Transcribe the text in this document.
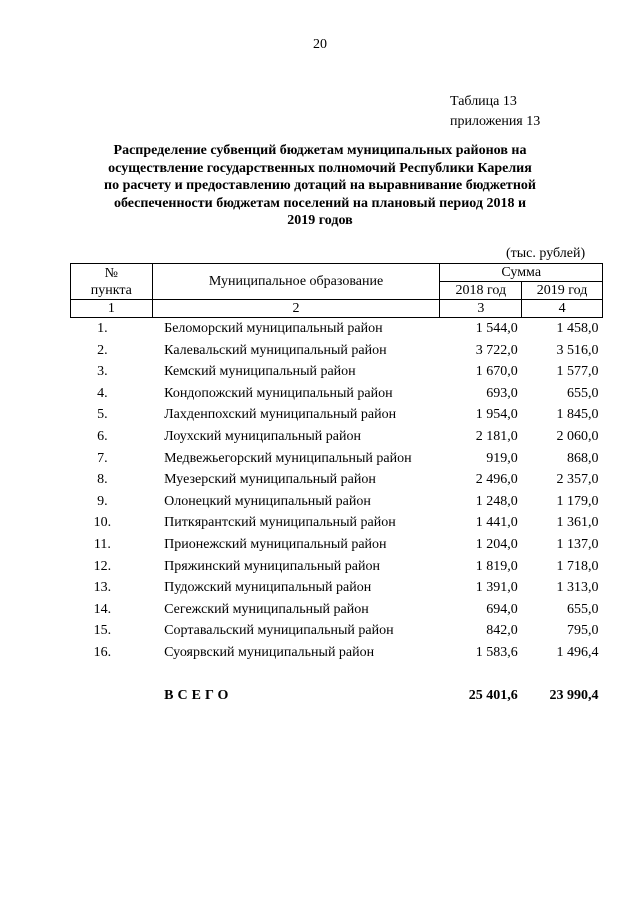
20
Таблица 13
приложения 13
Распределение субвенций бюджетам муниципальных районов на осуществление государственных полномочий Республики Карелия по расчету и предоставлению дотаций на выравнивание бюджетной обеспеченности бюджетам поселений на плановый период 2018 и 2019 годов
(тыс. рублей)
№
пункта	Муниципальное образование	Сумма	
		2018 год	2019 год
1	2	3	4
1.	Беломорский муниципальный район	1 544,0	1 458,0
2.	Калевальский муниципальный район	3 722,0	3 516,0
3.	Кемский муниципальный район	1 670,0	1 577,0
4.	Кондопожский муниципальный район	693,0	655,0
5.	Лахденпохский муниципальный район	1 954,0	1 845,0
6.	Лоухский муниципальный район	2 181,0	2 060,0
7.	Медвежьегорский муниципальный район	919,0	868,0
8.	Муезерский муниципальный район	2 496,0	2 357,0
9.	Олонецкий муниципальный район	1 248,0	1 179,0
10.	Питкярантский муниципальный район	1 441,0	1 361,0
11.	Прионежский муниципальный район	1 204,0	1 137,0
12.	Пряжинский муниципальный район	1 819,0	1 718,0
13.	Пудожский муниципальный район	1 391,0	1 313,0
14.	Сегежский муниципальный район	694,0	655,0
15.	Сортавальский муниципальный район	842,0	795,0
16.	Суоярвский муниципальный район	1 583,6	1 496,4

	ВСЕГО	25 401,6	23 990,4
